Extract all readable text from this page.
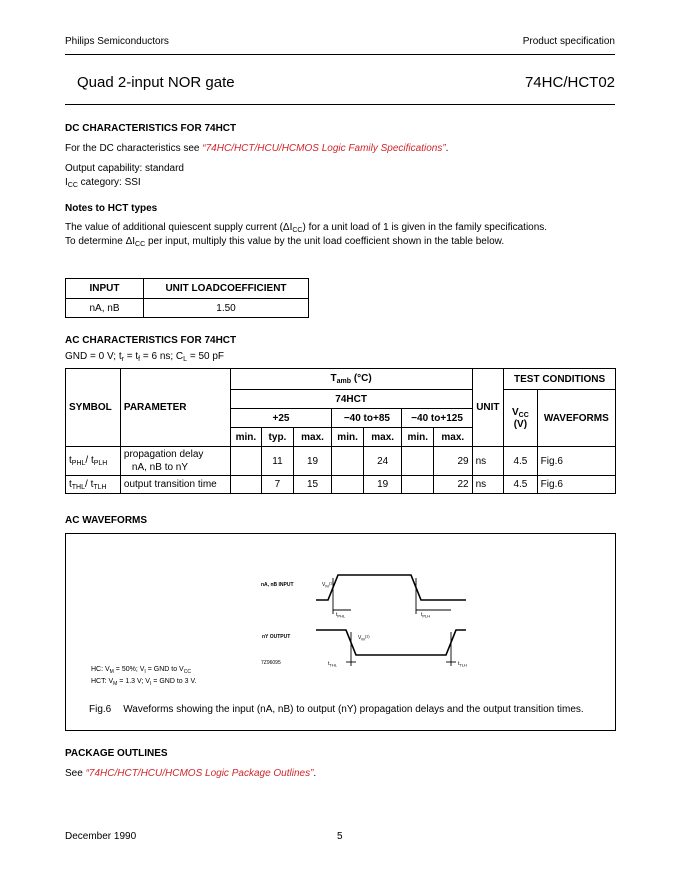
Philips Semiconductors	Product specification
Quad 2-input NOR gate	74HC/HCT02
DC CHARACTERISTICS FOR 74HCT
For the DC characteristics see “74HC/HCT/HCU/HCMOS Logic Family Specifications”.
Output capability: standard
$I_{CC}$ category: SSI
Notes to HCT types
The value of additional quiescent supply current $(\Delta I_{CC})$ for a unit load of 1 is given in the family specifications.
To determine $\Delta I_{CC}$ per input, multiply this value by the unit load coefficient shown in the table below.
INPUT	UNIT LOADCOEFFICIENT
nA, nB	1.50
AC CHARACTERISTICS FOR 74HCT
GND = 0 V; $t_r = t_f = 6$ ns; $C_L = 50$ pF
SYMBOL	PARAMETER	$T_{amb}$ (°C)							UNIT	TEST CONDITIONS	
		74HCT								$V_{CC}$
(V)	WAVEFORMS
		+25			−40 to+85		−40 to+125				
		min.	typ.	max.	min.	max.	min.	max.			
$t_{PHL}/$ $t_{PLH}$	propagation delay
nA, nB to nY		11	19		24		29	ns	4.5	Fig.6
$t_{THL}/$ $t_{TLH}$	output transition time		7	15		19		22	ns	4.5	Fig.6
AC WAVEFORMS
nA, nB INPUT
nY OUTPUT
$V_M^{(1)}$
$V_M^{(1)}$
$t_{PHL}$	$t_{PLH}$
$t_{THL}$	$t_{TLH}$
7Z96095
HC: $V_M = 50\%$; $V_I$ = GND to $V_{CC}$
HCT: $V_M = 1.3$ V; $V_I$ = GND to 3 V.
Fig.6 Waveforms showing the input (nA, nB) to output (nY) propagation delays and the output transition times.
PACKAGE OUTLINES
See “74HC/HCT/HCU/HCMOS Logic Package Outlines”.
December 1990	5
